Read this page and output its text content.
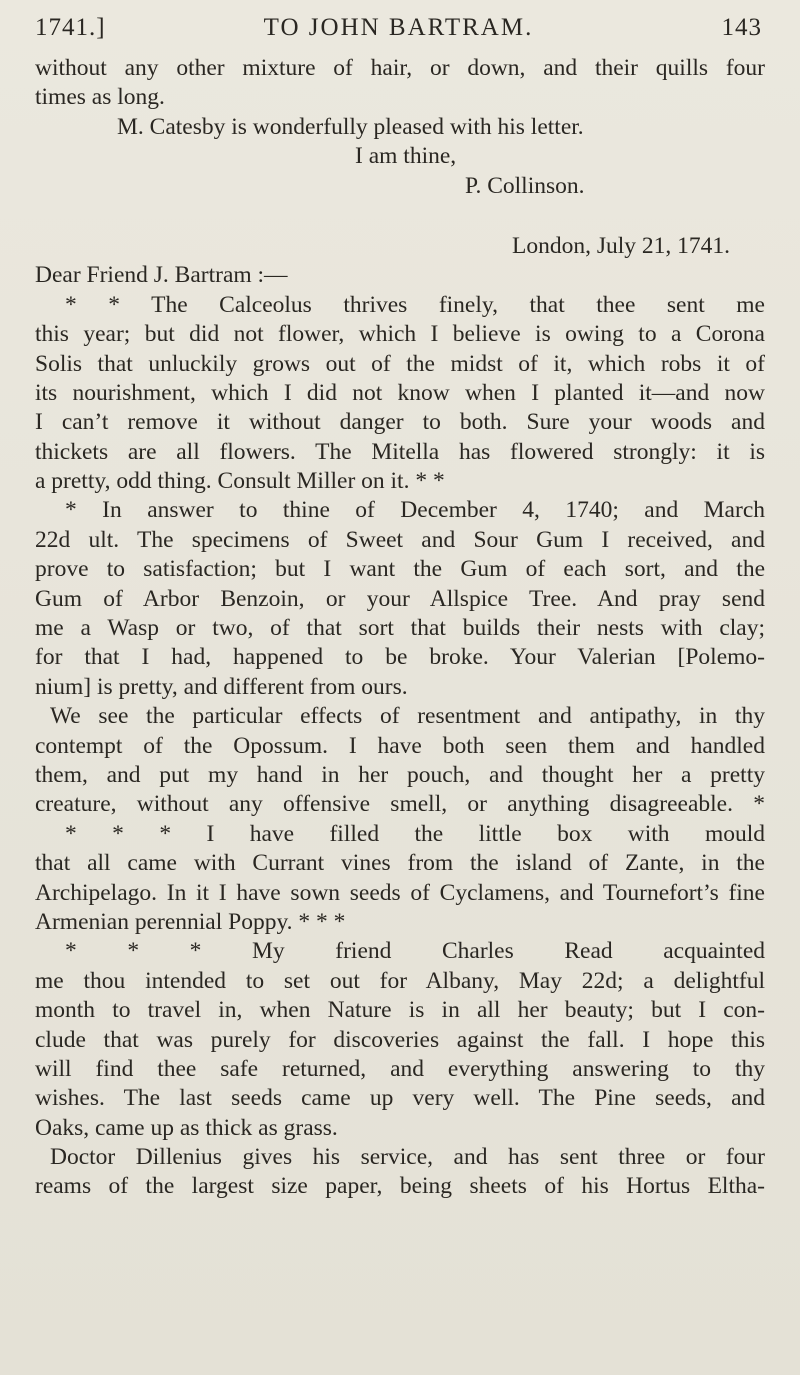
1741.]	TO JOHN BARTRAM.	143
without any other mixture of hair, or down, and their quills four
times as long.
M. Catesby is wonderfully pleased with his letter.
I am thine,
P. Collinson.
London, July 21, 1741.
Dear Friend J. Bartram :—
* * The Calceolus thrives finely, that thee sent me
this year; but did not flower, which I believe is owing to a Corona
Solis that unluckily grows out of the midst of it, which robs it of
its nourishment, which I did not know when I planted it—and now
I can’t remove it without danger to both. Sure your woods and
thickets are all flowers. The Mitella has flowered strongly: it is
a pretty, odd thing. Consult Miller on it. * *
* In answer to thine of December 4, 1740; and March
22d ult. The specimens of Sweet and Sour Gum I received, and
prove to satisfaction; but I want the Gum of each sort, and the
Gum of Arbor Benzoin, or your Allspice Tree. And pray send
me a Wasp or two, of that sort that builds their nests with clay;
for that I had, happened to be broke. Your Valerian [Polemo-
nium] is pretty, and different from ours.
We see the particular effects of resentment and antipathy, in thy
contempt of the Opossum. I have both seen them and handled
them, and put my hand in her pouch, and thought her a pretty
creature, without any offensive smell, or anything disagreeable. *
* * * I have filled the little box with mould
that all came with Currant vines from the island of Zante, in the
Archipelago. In it I have sown seeds of Cyclamens, and Tournefort’s fine Armenian perennial Poppy. * * *
* * * My friend Charles Read acquainted
me thou intended to set out for Albany, May 22d; a delightful
month to travel in, when Nature is in all her beauty; but I con-
clude that was purely for discoveries against the fall. I hope this
will find thee safe returned, and everything answering to thy
wishes. The last seeds came up very well. The Pine seeds, and
Oaks, came up as thick as grass.
Doctor Dillenius gives his service, and has sent three or four
reams of the largest size paper, being sheets of his Hortus Eltha-
